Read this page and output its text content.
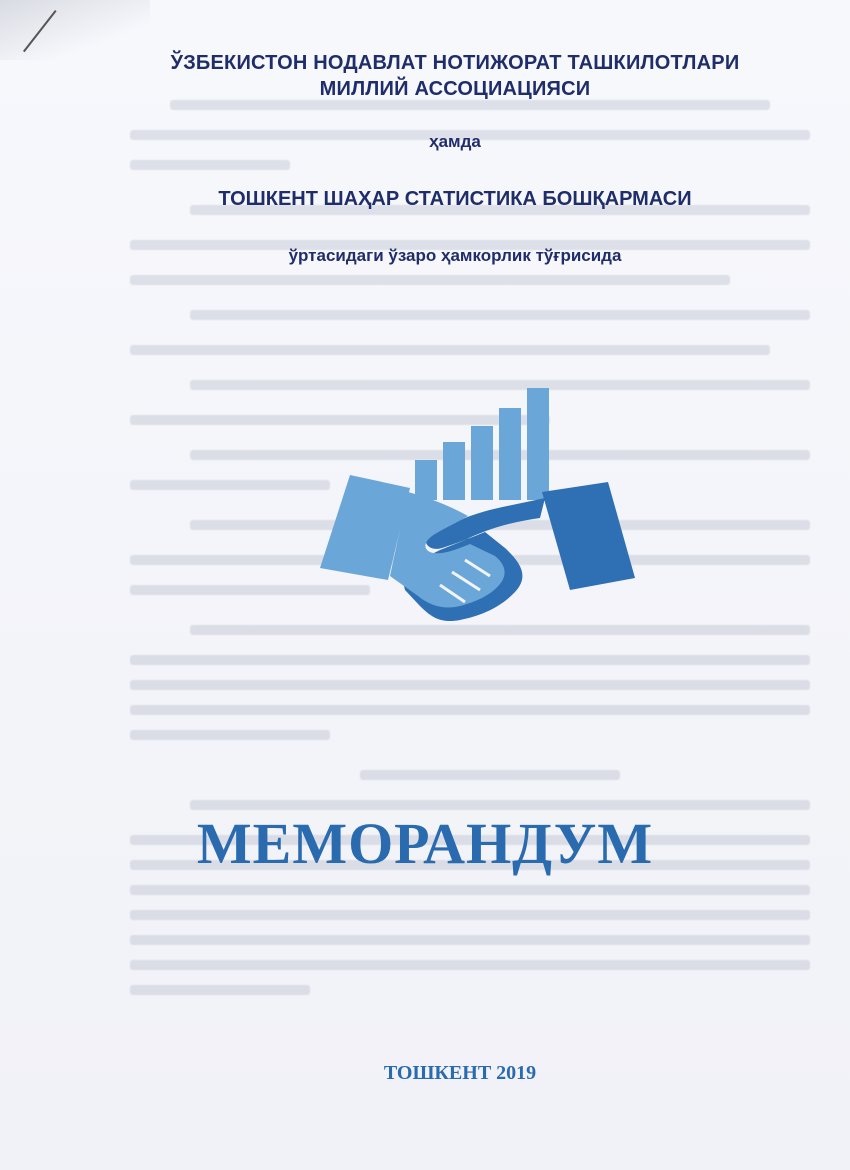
ЎЗБЕКИСТОН НОДАВЛАТ НОТИЖОРАТ ТАШКИЛОТЛАРИ
МИЛЛИЙ АССОЦИАЦИЯСИ
ҳамда
ТОШКЕНТ ШАҲАР СТАТИСТИКА БОШҚАРМАСИ
ўртасидаги ўзаро ҳамкорлик тўғрисида
МЕМОРАНДУМ
ТОШКЕНТ 2019
